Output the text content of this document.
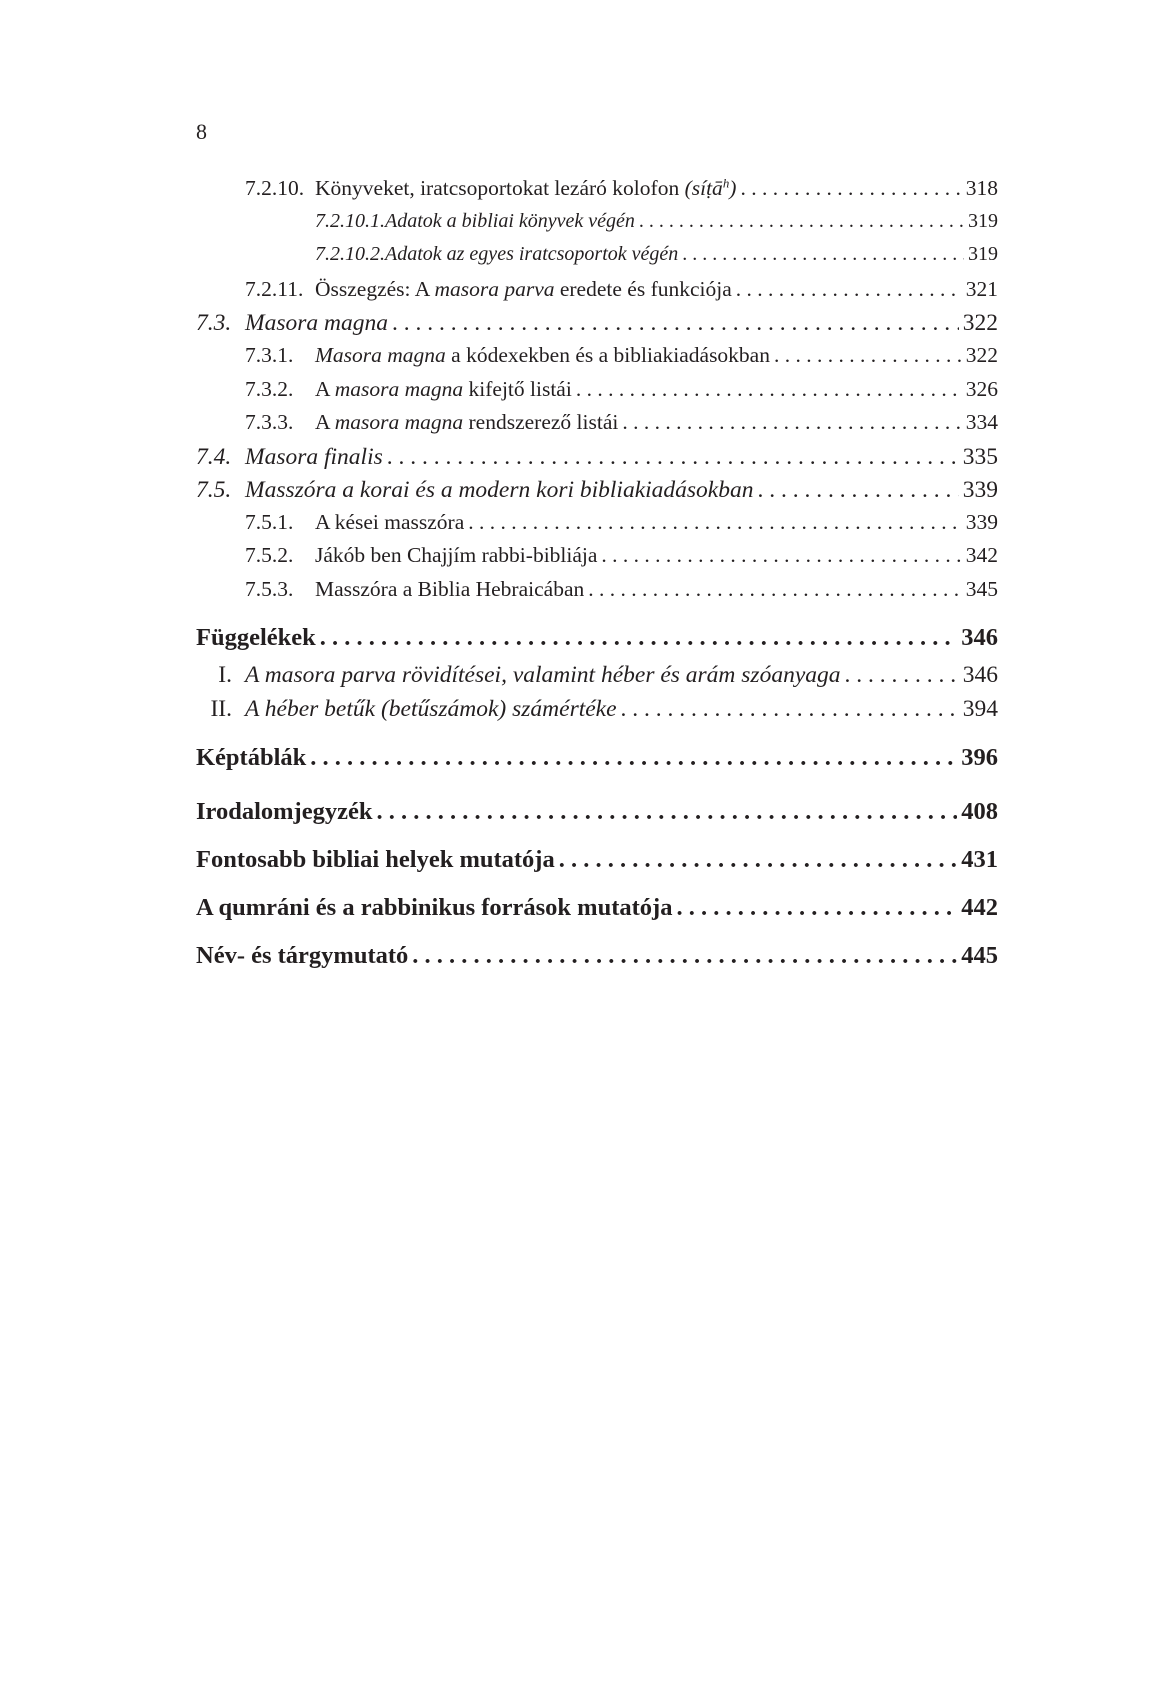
8
7.2.10. Könyveket, iratcsoportokat lezáró kolofon (síṭā$^h$) . . .	318
7.2.10.1. Adatok a bibliai könyvek végén . . .	319
7.2.10.2. Adatok az egyes iratcsoportok végén . . .	319
7.2.11. Összegzés: A masora parva eredete és funkciója . . .	321
7.3. Masora magna . . .	322
7.3.1.	Masora magna a kódexekben és a bibliakiadásokban . . .	322
7.3.2.	A masora magna kifejtő listái . . .	326
7.3.3.	A masora magna rendszerező listái . . .	334
7.4. Masora finalis . . .	335
7.5. Masszóra a korai és a modern kori bibliakiadásokban . . .	339
7.5.1.	A kései masszóra . . .	339
7.5.2.	Jákób ben Chajjím rabbi-bibliája . . .	342
7.5.3.	Masszóra a Biblia Hebraicában . . .	345
Függelékek . . .	346
I. A masora parva rövidítései, valamint héber és arám szóanyaga . . .	346
II. A héber betűk (betűszámok) számértéke . . .	394
Képtáblák . . .	396
Irodalomjegyzék . . .	408
Fontosabb bibliai helyek mutatója . . .	431
A qumráni és a rabbinikus források mutatója . . .	442
Név- és tárgymutató . . .	445
